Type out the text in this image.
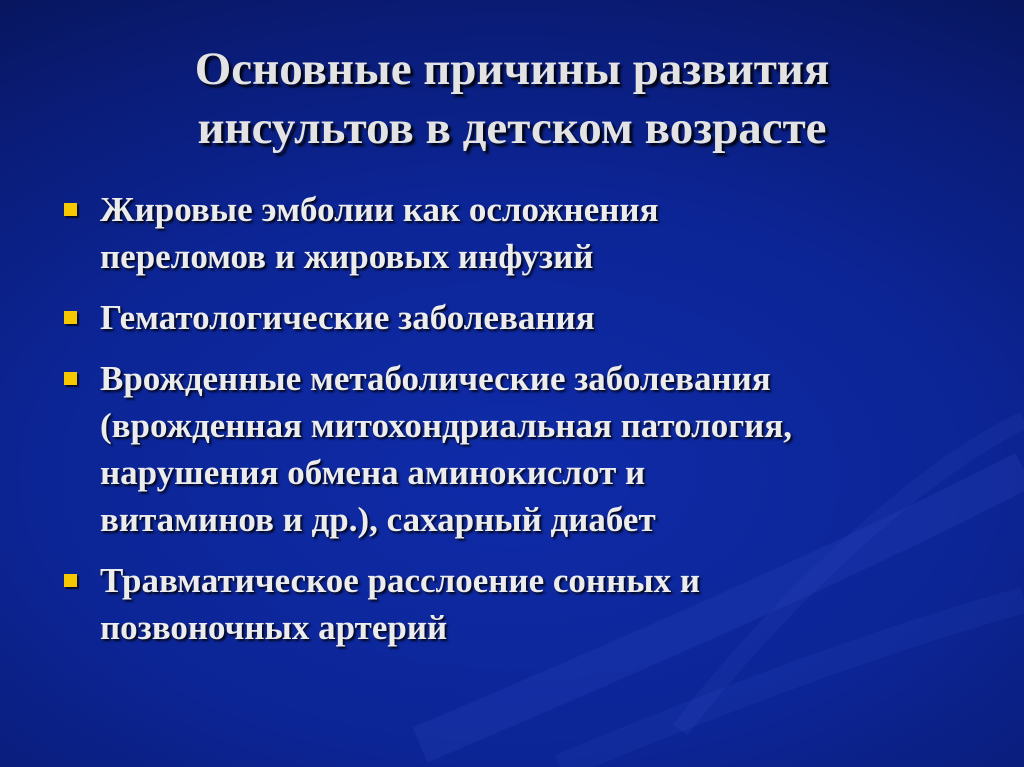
Основные причины развития
инсультов в детском возрасте
Жировые эмболии как осложнения
переломов и жировых инфузий
Гематологические заболевания
Врожденные метаболические заболевания
(врожденная митохондриальная патология,
нарушения обмена аминокислот и
витаминов и др.), сахарный диабет
Травматическое расслоение сонных и
позвоночных артерий
